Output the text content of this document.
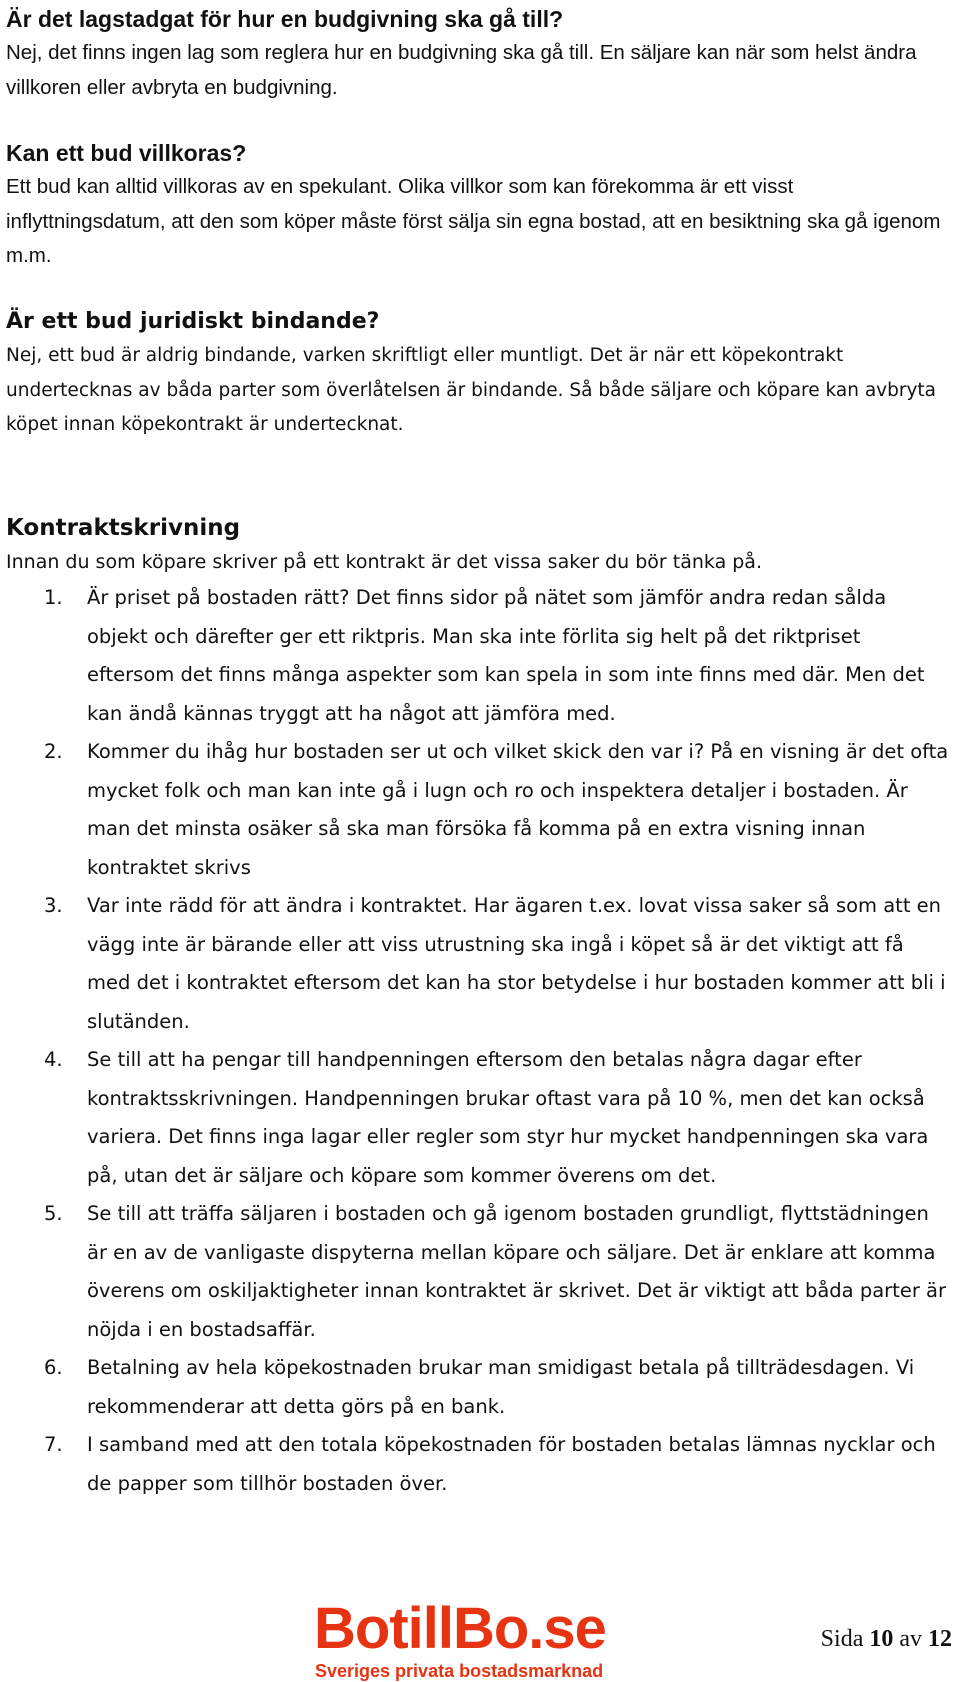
Är det lagstadgat för hur en budgivning ska gå till?

Nej, det finns ingen lag som reglera hur en budgivning ska gå till. En säljare kan när som helst ändra villkoren eller avbryta en budgivning.

Kan ett bud villkoras?

Ett bud kan alltid villkoras av en spekulant. Olika villkor som kan förekomma är ett visst inflyttningsdatum, att den som köper måste först sälja sin egna bostad, att en besiktning ska gå igenom m.m.

Är ett bud juridiskt bindande?

Nej, ett bud är aldrig bindande, varken skriftligt eller muntligt. Det är när ett köpekontrakt undertecknas av båda parter som överlåtelsen är bindande. Så både säljare och köpare kan avbryta köpet innan köpekontrakt är undertecknat.

Kontraktskrivning

Innan du som köpare skriver på ett kontrakt är det vissa saker du bör tänka på.

1. Är priset på bostaden rätt? Det finns sidor på nätet som jämför andra redan sålda objekt och därefter ger ett riktpris. Man ska inte förlita sig helt på det riktpriset eftersom det finns många aspekter som kan spela in som inte finns med där. Men det kan ändå kännas tryggt att ha något att jämföra med.
2. Kommer du ihåg hur bostaden ser ut och vilket skick den var i? På en visning är det ofta mycket folk och man kan inte gå i lugn och ro och inspektera detaljer i bostaden. Är man det minsta osäker så ska man försöka få komma på en extra visning innan kontraktet skrivs
3. Var inte rädd för att ändra i kontraktet. Har ägaren t.ex. lovat vissa saker så som att en vägg inte är bärande eller att viss utrustning ska ingå i köpet så är det viktigt att få med det i kontraktet eftersom det kan ha stor betydelse i hur bostaden kommer att bli i slutänden.
4. Se till att ha pengar till handpenningen eftersom den betalas några dagar efter kontraktsskrivningen. Handpenningen brukar oftast vara på 10 %, men det kan också variera. Det finns inga lagar eller regler som styr hur mycket handpenningen ska vara på, utan det är säljare och köpare som kommer överens om det.
5. Se till att träffa säljaren i bostaden och gå igenom bostaden grundligt, flyttstädningen är en av de vanligaste dispyterna mellan köpare och säljare. Det är enklare att komma överens om oskiljaktigheter innan kontraktet är skrivet. Det är viktigt att båda parter är nöjda i en bostadsaffär.
6. Betalning av hela köpekostnaden brukar man smidigast betala på tillträdesdagen. Vi rekommenderar att detta görs på en bank.
7. I samband med att den totala köpekostnaden för bostaden betalas lämnas nycklar och de papper som tillhör bostaden över.
BotillBo.se
Sveriges privata bostadsmarknad
Sida 10 av 12
